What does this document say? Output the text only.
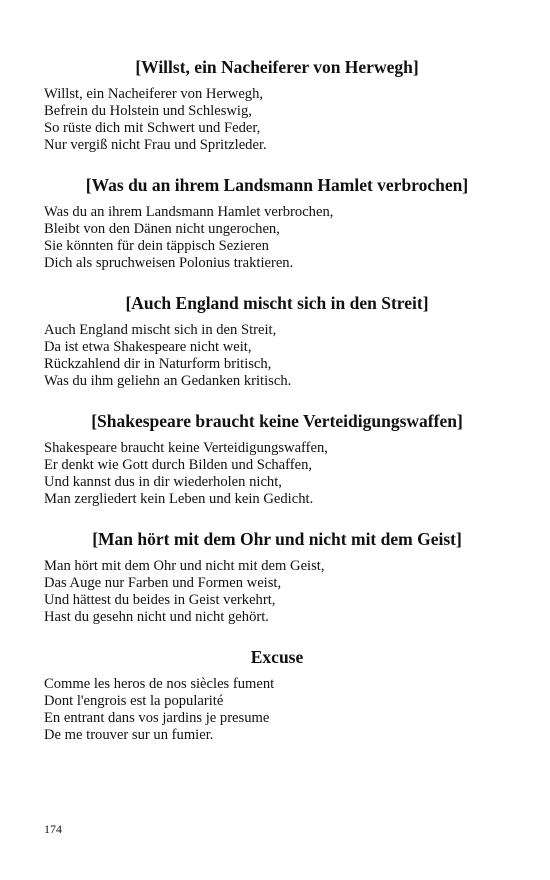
[Willst, ein Nacheiferer von Herwegh]
Willst, ein Nacheiferer von Herwegh,
Befrein du Holstein und Schleswig,
So rüste dich mit Schwert und Feder,
Nur vergiß nicht Frau und Spritzleder.
[Was du an ihrem Landsmann Hamlet verbrochen]
Was du an ihrem Landsmann Hamlet verbrochen,
Bleibt von den Dänen nicht ungerochen,
Sie könnten für dein täppisch Sezieren
Dich als spruchweisen Polonius traktieren.
[Auch England mischt sich in den Streit]
Auch England mischt sich in den Streit,
Da ist etwa Shakespeare nicht weit,
Rückzahlend dir in Naturform britisch,
Was du ihm geliehn an Gedanken kritisch.
[Shakespeare braucht keine Verteidigungswaffen]
Shakespeare braucht keine Verteidigungswaffen,
Er denkt wie Gott durch Bilden und Schaffen,
Und kannst dus in dir wiederholen nicht,
Man zergliedert kein Leben und kein Gedicht.
[Man hört mit dem Ohr und nicht mit dem Geist]
Man hört mit dem Ohr und nicht mit dem Geist,
Das Auge nur Farben und Formen weist,
Und hättest du beides in Geist verkehrt,
Hast du gesehn nicht und nicht gehört.
Excuse
Comme les heros de nos siècles fument
Dont l'engrois est la popularité
En entrant dans vos jardins je presume
De me trouver sur un fumier.
174
